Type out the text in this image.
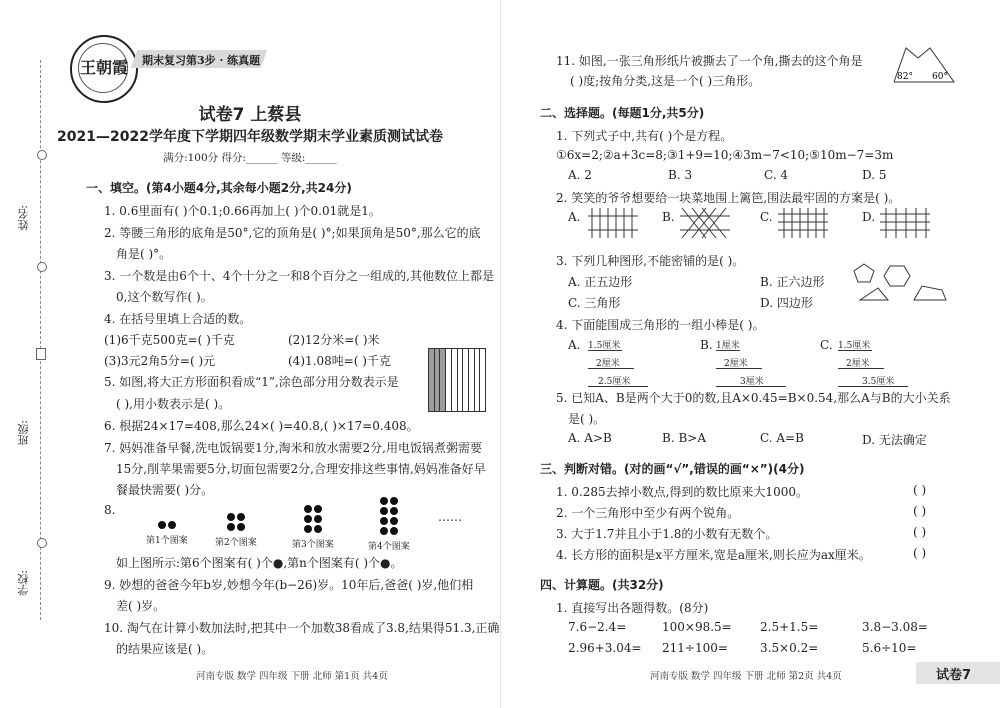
姓名:
班级:
学校:
王朝霞 期末复习第3步 · 练真题
试卷7 上蔡县
2021—2022学年度下学期四年级数学期末学业素质测试试卷
满分:100分 得分:______ 等级:______
一、填空。(第4小题4分,其余每小题2分,共24分)
1. 0.6里面有( )个0.1;0.66再加上( )个0.01就是1。
2. 等腰三角形的底角是50°,它的顶角是( )°;如果顶角是50°,那么它的底
角是( )°。
3. 一个数是由6个十、4个十分之一和8个百分之一组成的,其他数位上都是
0,这个数写作( )。
4. 在括号里填上合适的数。
(1)6千克500克=( )千克	(2)12分米=( )米
(3)3元2角5分=( )元	(4)1.08吨=( )千克
5. 如图,将大正方形面积看成“1”,涂色部分用分数表示是
( ),用小数表示是( )。
6. 根据24×17=408,那么24×( )=40.8,( )×17=0.408。
7. 妈妈准备早餐,洗电饭锅要1分,淘米和放水需要2分,用电饭锅煮粥需要
15分,削苹果需要5分,切面包需要2分,合理安排这些事情,妈妈准备好早
餐最快需要( )分。
8.
第1个图案	第2个图案	第3个图案	第4个图案
……
如上图所示:第6个图案有( )个●,第n个图案有( )个●。
9. 妙想的爸爸今年b岁,妙想今年(b−26)岁。10年后,爸爸( )岁,他们相
差( )岁。
10. 淘气在计算小数加法时,把其中一个加数38看成了3.8,结果得51.3,正确
的结果应该是( )。
河南专版 数学 四年级 下册 北师 第1页 共4页
11. 如图,一张三角形纸片被撕去了一个角,撕去的这个角是
( )度;按角分类,这是一个( )三角形。	82° 60°
二、选择题。(每题1分,共5分)
1. 下列式子中,共有( )个是方程。
①6x=2;②a+3c=8;③1+9=10;④3m−7<10;⑤10m−7=3m
A. 2	B. 3	C. 4	D. 5
2. 笑笑的爷爷想要给一块菜地围上篱笆,围法最牢固的方案是( )。
A.	B.	C.	D.
3. 下列几种图形,不能密铺的是( )。
A. 正五边形	B. 正六边形
C. 三角形	D. 四边形
4. 下面能围成三角形的一组小棒是( )。
A. 1.5厘米
2厘米
2.5厘米
B. 1厘米
2厘米
3厘米
C. 1.5厘米
2厘米
3.5厘米
5. 已知A、B是两个大于0的数,且A×0.45=B×0.54,那么A与B的大小关系
是( )。
A. A>B	B. B>A	C. A=B	D. 无法确定
三、判断对错。(对的画“√”,错误的画“×”)(4分)
1. 0.285去掉小数点,得到的数比原来大1000。	( )
2. 一个三角形中至少有两个锐角。	( )
3. 大于1.7并且小于1.8的小数有无数个。	( )
4. 长方形的面积是x平方厘米,宽是a厘米,则长应为ax厘米。	( )
四、计算题。(共32分)
1. 直接写出各题得数。(8分)
7.6−2.4=	100×98.5= 2.5+1.5=	3.8−3.08=
2.96+3.04= 211÷100=	3.5×0.2=	5.6÷10=
河南专版 数学 四年级 下册 北师 第2页 共4页	试卷7
